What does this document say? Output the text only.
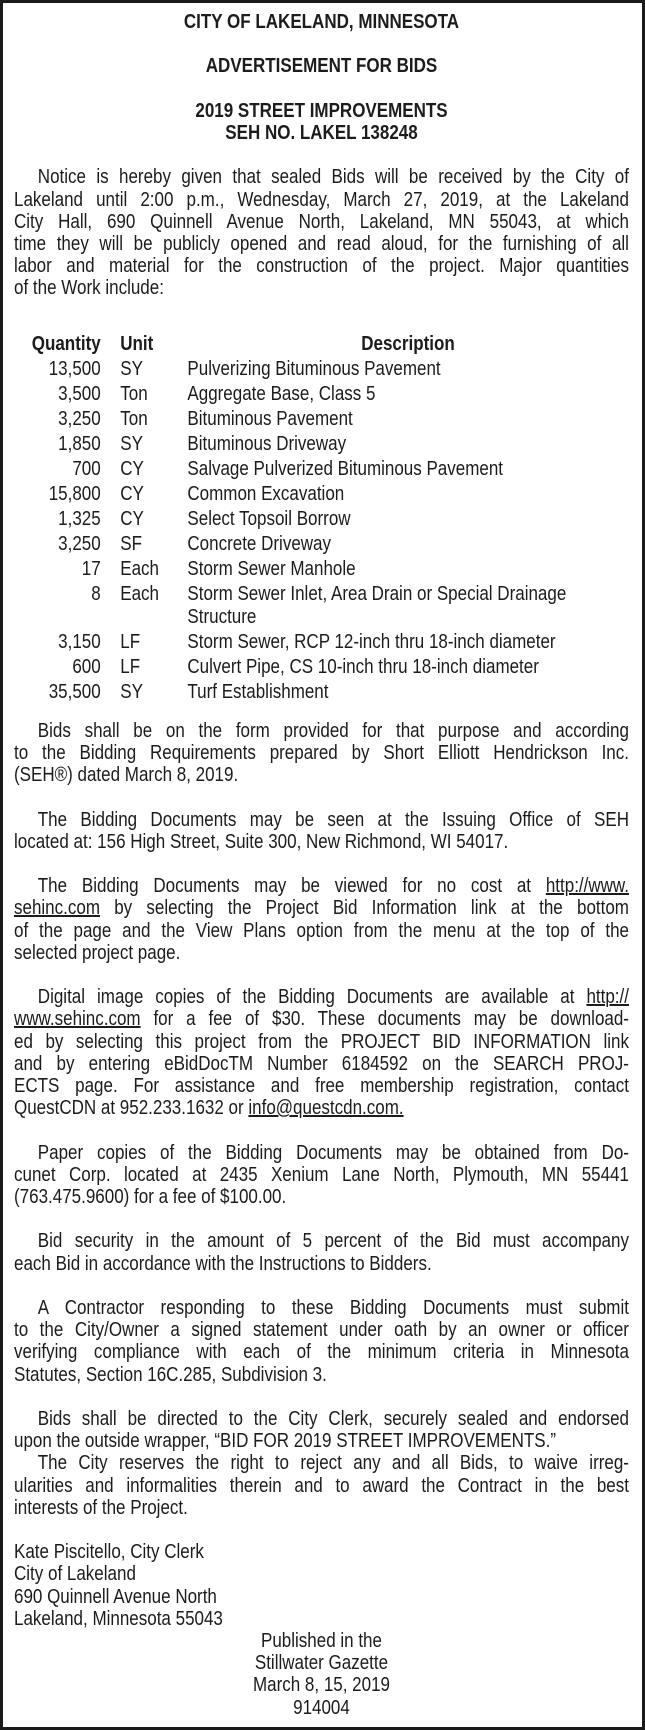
CITY OF LAKELAND, MINNESOTA
ADVERTISEMENT FOR BIDS
2019 STREET IMPROVEMENTS
SEH NO. LAKEL 138248
Notice is hereby given that sealed Bids will be received by the City of
Lakeland until 2:00 p.m., Wednesday, March 27, 2019, at the Lakeland
City Hall, 690 Quinnell Avenue North, Lakeland, MN 55043, at which
time they will be publicly opened and read aloud, for the furnishing of all
labor and material for the construction of the project. Major quantities
of the Work include:
Quantity	Unit	Description
13,500	SY	Pulverizing Bituminous Pavement
3,500	Ton	Aggregate Base, Class 5
3,250	Ton	Bituminous Pavement
1,850	SY	Bituminous Driveway
700	CY	Salvage Pulverized Bituminous Pavement
15,800	CY	Common Excavation
1,325	CY	Select Topsoil Borrow
3,250	SF	Concrete Driveway
17	Each	Storm Sewer Manhole
8	Each	Storm Sewer Inlet, Area Drain or Special Drainage Structure
3,150	LF	Storm Sewer, RCP 12-inch thru 18-inch diameter
600	LF	Culvert Pipe, CS 10-inch thru 18-inch diameter
35,500	SY	Turf Establishment
Bids shall be on the form provided for that purpose and according
to the Bidding Requirements prepared by Short Elliott Hendrickson Inc.
(SEH®) dated March 8, 2019.
The Bidding Documents may be seen at the Issuing Office of SEH
located at: 156 High Street, Suite 300, New Richmond, WI 54017.
The Bidding Documents may be viewed for no cost at http://www.
sehinc.com by selecting the Project Bid Information link at the bottom
of the page and the View Plans option from the menu at the top of the
selected project page.
Digital image copies of the Bidding Documents are available at http://
www.sehinc.com for a fee of $30. These documents may be download-
ed by selecting this project from the PROJECT BID INFORMATION link
and by entering eBidDocTM Number 6184592 on the SEARCH PROJ-
ECTS page. For assistance and free membership registration, contact
QuestCDN at 952.233.1632 or info@questcdn.com.
Paper copies of the Bidding Documents may be obtained from Do-
cunet Corp. located at 2435 Xenium Lane North, Plymouth, MN 55441
(763.475.9600) for a fee of $100.00.
Bid security in the amount of 5 percent of the Bid must accompany
each Bid in accordance with the Instructions to Bidders.
A Contractor responding to these Bidding Documents must submit
to the City/Owner a signed statement under oath by an owner or officer
verifying compliance with each of the minimum criteria in Minnesota
Statutes, Section 16C.285, Subdivision 3.
Bids shall be directed to the City Clerk, securely sealed and endorsed
upon the outside wrapper, “BID FOR 2019 STREET IMPROVEMENTS.”
The City reserves the right to reject any and all Bids, to waive irreg-
ularities and informalities therein and to award the Contract in the best
interests of the Project.
Kate Piscitello, City Clerk
City of Lakeland
690 Quinnell Avenue North
Lakeland, Minnesota 55043
Published in the
Stillwater Gazette
March 8, 15, 2019
914004
